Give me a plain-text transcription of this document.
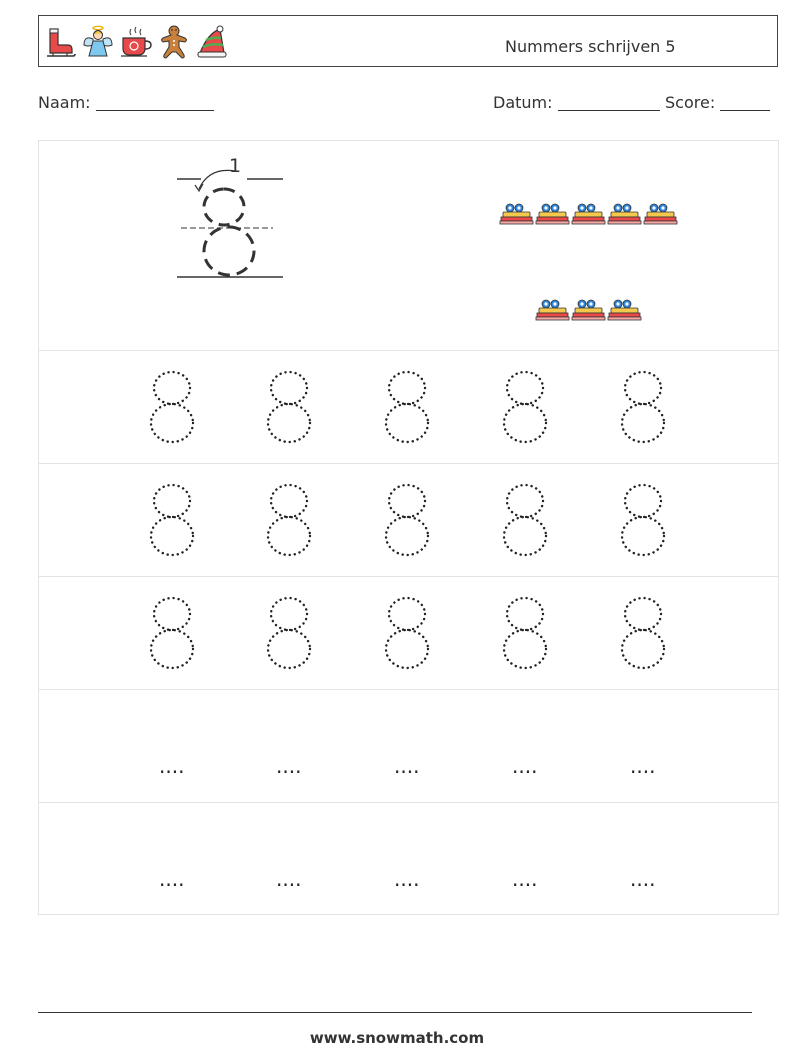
Nummers schrijven 5
Naam:	Datum:	Score:
1
....	....	....	....	....
....	....	....	....	....
www.snowmath.com
